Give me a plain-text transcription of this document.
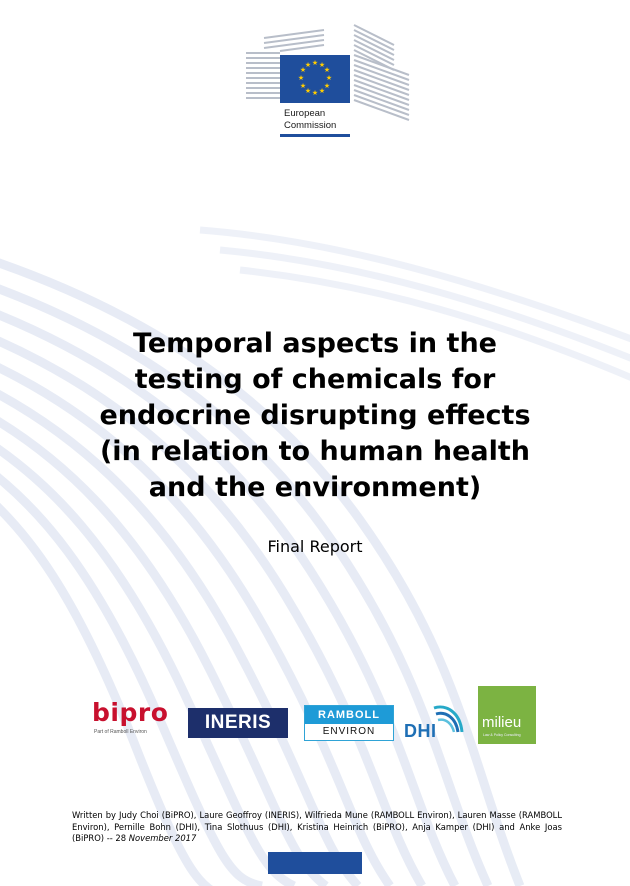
★ ★
★
★
★
★
★
★
★
★
★
★
European
Commission
Temporal aspects in the
testing of chemicals for
endocrine disrupting effects
(in relation to human health
and the environment)
Final Report
bipro
Part of Ramboll Environ	INERIS	RAMBOLL
ENVIRON	DHI	milieu
Law & Policy Consulting

Written by Judy Choi (BiPRO), Laure Geoffroy (INERIS), Wilfrieda Mune (RAMBOLL Environ), Lauren Masse (RAMBOLL Environ), Pernille Bohn (DHI), Tina Slothuus (DHI), Kristina Heinrich (BiPRO), Anja Kamper (DHI) and Anke Joas (BiPRO) -- 28 November 2017
